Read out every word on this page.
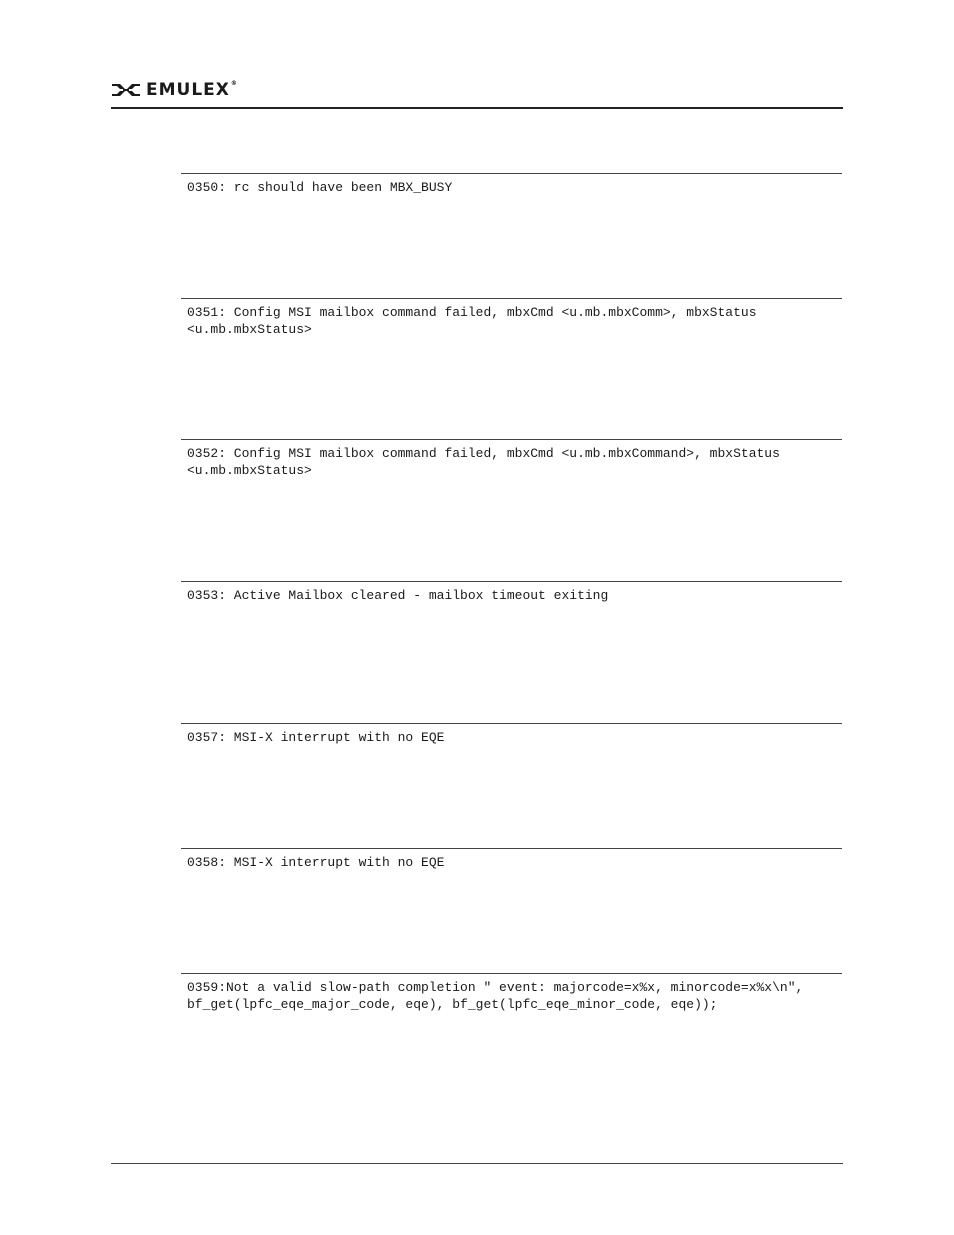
EMULEX®

0350: rc should have been MBX_BUSY

0351: Config MSI mailbox command failed, mbxCmd <u.mb.mbxComm>, mbxStatus <u.mb.mbxStatus>

0352: Config MSI mailbox command failed, mbxCmd <u.mb.mbxCommand>, mbxStatus <u.mb.mbxStatus>

0353: Active Mailbox cleared - mailbox timeout exiting

0357: MSI-X interrupt with no EQE

0358: MSI-X interrupt with no EQE

0359:Not a valid slow-path completion " event: majorcode=x%x, minorcode=x%x\n", bf_get(lpfc_eqe_major_code, eqe), bf_get(lpfc_eqe_minor_code, eqe));
